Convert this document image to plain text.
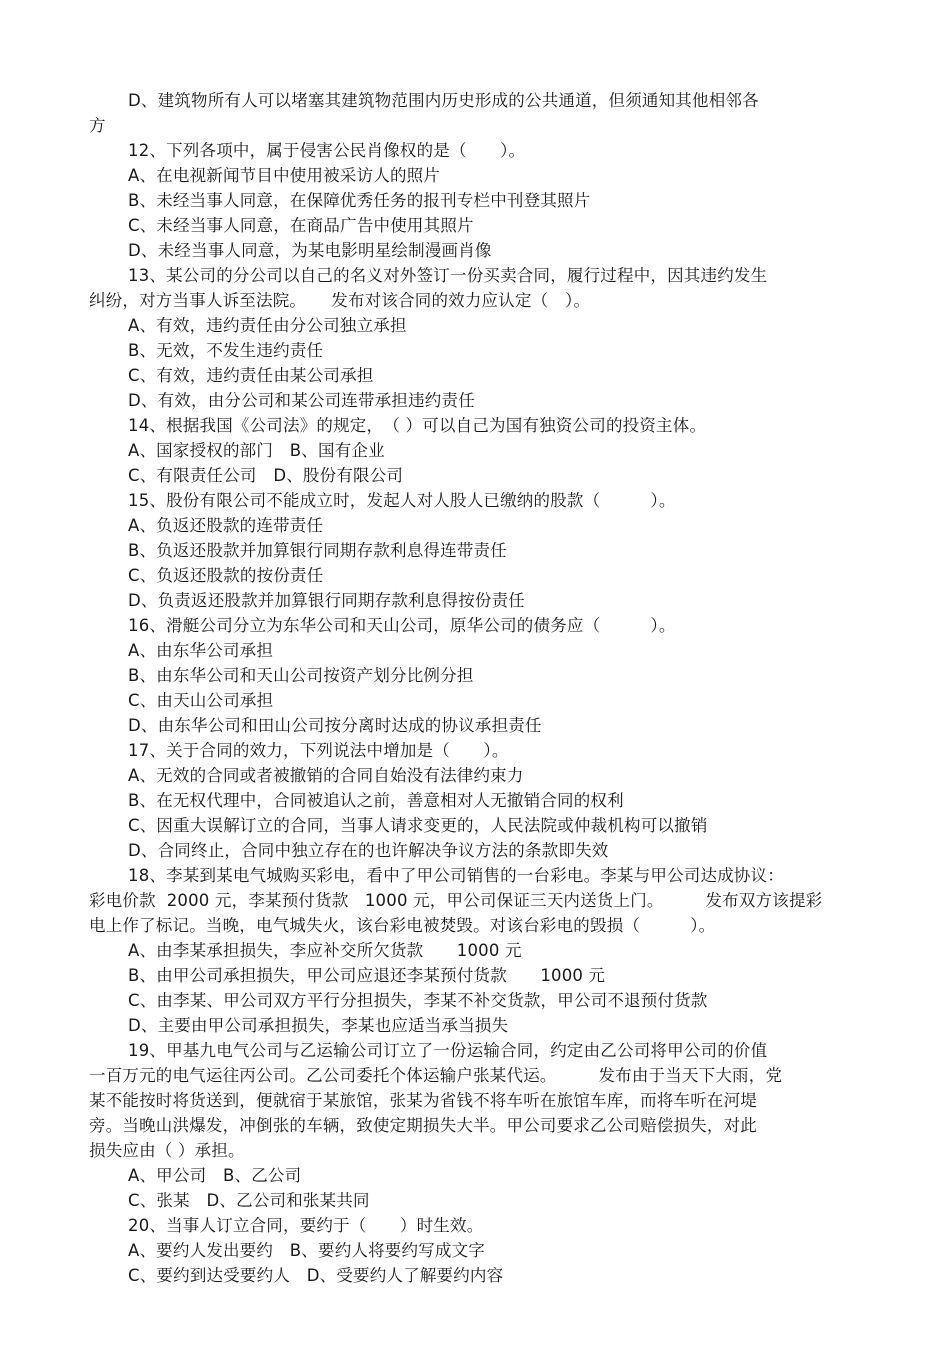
D、建筑物所有人可以堵塞其建筑物范围内历史形成的公共通道，但须通知其他相邻各
方
12、下列各项中，属于侵害公民肖像权的是（　　）。
A、在电视新闻节目中使用被采访人的照片
B、未经当事人同意，在保障优秀任务的报刊专栏中刊登其照片
C、未经当事人同意，在商品广告中使用其照片
D、未经当事人同意，为某电影明星绘制漫画肖像
13、某公司的分公司以自己的名义对外签订一份买卖合同，履行过程中，因其违约发生
纠纷，对方当事人诉至法院。　　发布对该合同的效力应认定（　）。
A、有效，违约责任由分公司独立承担
B、无效，不发生违约责任
C、有效，违约责任由某公司承担
D、有效，由分公司和某公司连带承担违约责任
14、根据我国《公司法》的规定，　（ ）可以自己为国有独资公司的投资主体。
A、国家授权的部门　B、国有企业
C、有限责任公司　D、股份有限公司
15、股份有限公司不能成立时，发起人对人股人已缴纳的股款（　　　）。
A、负返还股款的连带责任
B、负返还股款并加算银行同期存款利息得连带责任
C、负返还股款的按份责任
D、负责返还股款并加算银行同期存款利息得按份责任
16、滑艇公司分立为东华公司和天山公司，原华公司的债务应（　　　）。
A、由东华公司承担
B、由东华公司和天山公司按资产划分比例分担
C、由天山公司承担
D、由东华公司和田山公司按分离时达成的协议承担责任
17、关于合同的效力，下列说法中增加是（　　）。
A、无效的合同或者被撤销的合同自始没有法律约束力
B、在无权代理中，合同被追认之前，善意相对人无撤销合同的权利
C、因重大误解订立的合同，当事人请求变更的，人民法院或仲裁机构可以撤销
D、合同终止，合同中独立存在的也许解决争议方法的条款即失效
18、李某到某电气城购买彩电，看中了甲公司销售的一台彩电。李某与甲公司达成协议：
彩电价款  2000 元，李某预付货款   1000 元，甲公司保证三天内送货上门。　　　发布双方该提彩
电上作了标记。当晚，电气城失火，该台彩电被焚毁。对该台彩电的毁损（　　　）。
A、由李某承担损失，李应补交所欠货款　　1000 元
B、由甲公司承担损失，甲公司应退还李某预付货款　　1000 元
C、由李某、甲公司双方平行分担损失，李某不补交货款，甲公司不退预付货款
D、主要由甲公司承担损失，李某也应适当承当损失
19、甲基九电气公司与乙运输公司订立了一份运输合同，约定由乙公司将甲公司的价值
一百万元的电气运往丙公司。乙公司委托个体运输户张某代运。　　　发布由于当天下大雨，党
某不能按时将货送到，便就宿于某旅馆，张某为省钱不将车听在旅馆车库，而将车听在河堤
旁。当晚山洪爆发，冲倒张的车辆，致使定期损失大半。甲公司要求乙公司赔偿损失，对此
损失应由（ ）承担。
A、甲公司　B、乙公司
C、张某　D、乙公司和张某共同
20、当事人订立合同，要约于（　　）时生效。
A、要约人发出要约　B、要约人将要约写成文字
C、要约到达受要约人　D、受要约人了解要约内容
